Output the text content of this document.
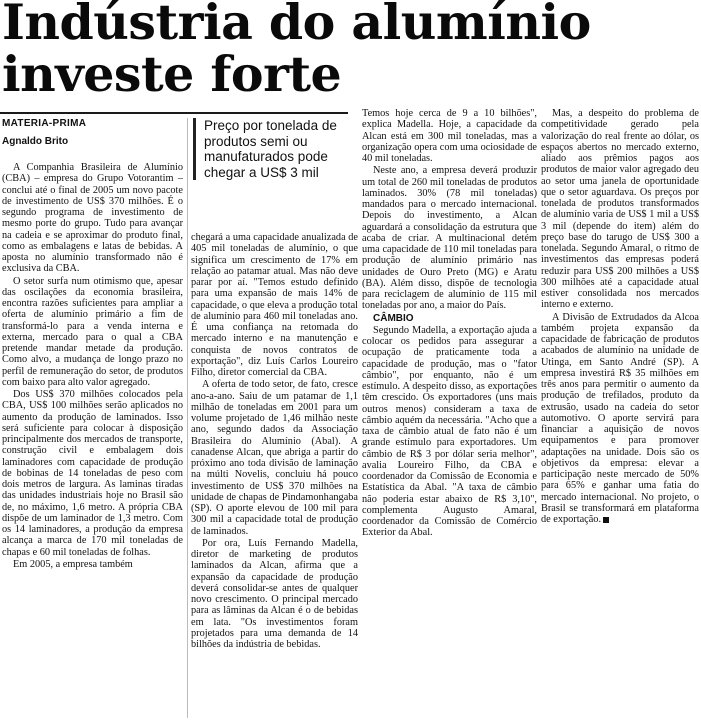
Indústria do alumínio investe forte
MATERIA-PRIMA
Agnaldo Brito

A Companhia Brasileira de Alumínio (CBA) – empresa do Grupo Votorantim – conclui até o final de 2005 um novo pacote de investimento de US$ 370 milhões. É o segundo programa de investimento de mesmo porte do grupo. Tudo para avançar na cadeia e se aproximar do produto final, como as embalagens e latas de bebidas. A aposta no alumínio transformado não é exclusiva da CBA.

O setor surfa num otimismo que, apesar das oscilações da economia brasileira, encontra razões suficientes para ampliar a oferta de alumínio primário a fim de transformá-lo para a venda interna e externa, mercado para o qual a CBA pretende mandar metade da produção. Como alvo, a mudança de longo prazo no perfil de remuneração do setor, de produtos com baixo para alto valor agregado.

Dos US$ 370 milhões colocados pela CBA, US$ 100 milhões serão aplicados no aumento da produção de laminados. Isso será suficiente para colocar à disposição principalmente dos mercados de transporte, construção civil e embalagem dois laminadores com capacidade de produção de bobinas de 14 toneladas de peso com dois metros de largura. As laminas tiradas das unidades industriais hoje no Brasil são de, no máximo, 1,6 metro. A própria CBA dispõe de um laminador de 1,3 metro. Com os 14 laminadores, a produção da empresa alcança a marca de 170 mil toneladas de chapas e 60 mil toneladas de folhas.

Em 2005, a empresa também

Preço por tonelada de produtos semi ou manufaturados pode chegar a US$ 3 mil

chegará a uma capacidade anualizada de 405 mil toneladas de alumínio, o que significa um crescimento de 17% em relação ao patamar atual. Mas não deve parar por aí. "Temos estudo definido para uma expansão de mais 14% de capacidade, o que eleva a produção total de alumínio para 460 mil toneladas ano. É uma confiança na retomada do mercado interno e na manutenção e conquista de novos contratos de exportação", diz Luís Carlos Loureiro Filho, diretor comercial da CBA.

A oferta de todo setor, de fato, cresce ano-a-ano. Saiu de um patamar de 1,1 milhão de toneladas em 2001 para um volume projetado de 1,46 milhão neste ano, segundo dados da Associação Brasileira do Alumínio (Abal). A canadense Alcan, que abriga a partir do próximo ano toda divisão de laminação na múlti Novelis, concluiu há pouco investimento de US$ 370 milhões na unidade de chapas de Pindamonhangaba (SP). O aporte elevou de 100 mil para 300 mil a capacidade total de produção de laminados.

Por ora, Luís Fernando Madella, diretor de marketing de produtos laminados da Alcan, afirma que a expansão da capacidade de produção deverá consolidar-se antes de qualquer novo crescimento. O principal mercado para as lâminas da Alcan é o de bebidas em lata. "Os investimentos foram projetados para uma demanda de 14 bilhões da indústria de bebidas.

Temos hoje cerca de 9 a 10 bilhões", explica Madella. Hoje, a capacidade da Alcan está em 300 mil toneladas, mas a organização opera com uma ociosidade de 40 mil toneladas.

Neste ano, a empresa deverá produzir um total de 260 mil toneladas de produtos laminados. 30% (78 mil toneladas) mandados para o mercado internacional. Depois do investimento, a Alcan aguardará a consolidação da estrutura que acaba de criar. A multinacional detém uma capacidade de 110 mil toneladas para produção de alumínio primário nas unidades de Ouro Preto (MG) e Aratu (BA). Além disso, dispõe de tecnologia para reciclagem de alumínio de 115 mil toneladas por ano, a maior do País.

CÂMBIO

Segundo Madella, a exportação ajuda a colocar os pedidos para assegurar a ocupação de praticamente toda a capacidade de produção, mas o "fator câmbio", por enquanto, não é um estímulo. A despeito disso, as exportações têm crescido. Os exportadores (uns mais outros menos) consideram a taxa de câmbio aquém da necessária. "Acho que a taxa de câmbio atual de fato não é um grande estímulo para exportadores. Um câmbio de R$ 3 por dólar seria melhor", avalia Loureiro Filho, da CBA e coordenador da Comissão de Economia e Estatística da Abal. "A taxa de câmbio não poderia estar abaixo de R$ 3,10", complementa Augusto Amaral, coordenador da Comissão de Comércio Exterior da Abal.

Mas, a despeito do problema de competitividade gerado pela valorização do real frente ao dólar, os espaços abertos no mercado externo, aliado aos prêmios pagos aos produtos de maior valor agregado deu ao setor uma janela de oportunidade que o setor aguardava. Os preços por tonelada de produtos transformados de alumínio varia de US$ 1 mil a US$ 3 mil (depende do item) além do preço base do tarugo de US$ 300 a tonelada. Segundo Amaral, o ritmo de investimentos das empresas poderá reduzir para US$ 200 milhões a US$ 300 milhões até a capacidade atual estiver consolidada nos mercados interno e externo.

A Divisão de Extrudados da Alcoa também projeta expansão da capacidade de fabricação de produtos acabados de alumínio na unidade de Utinga, em Santo André (SP). A empresa investirá R$ 35 milhões em três anos para permitir o aumento da produção de trefilados, produto da extrusão, usado na cadeia do setor automotivo. O aporte servirá para financiar a aquisição de novos equipamentos e para promover adaptações na unidade. Dois são os objetivos da empresa: elevar a participação neste mercado de 50% para 65% e ganhar uma fatia do mercado internacional. No projeto, o Brasil se transformará em plataforma de exportação.
